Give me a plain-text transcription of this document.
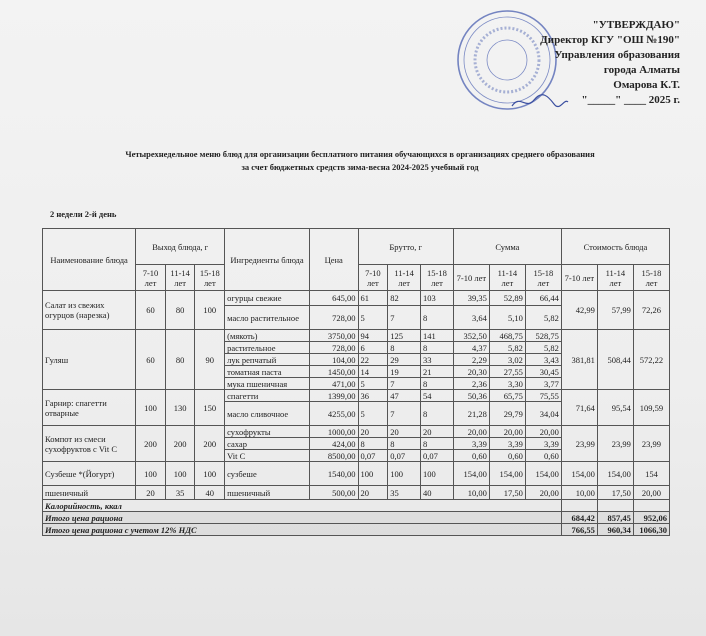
"УТВЕРЖДАЮ"
Директор КГУ "ОШ №190"
Управления образования
города Алматы
Омарова К.Т.
"_____" ____ 2025 г.
Четырехнедельное меню блюд для организации бесплатного питания обучающихся в организациях среднего образования
за счет бюджетных средств зима-весна 2024-2025 учебный год
2 недели 2-й день
Наименование блюда	Выход блюда, г			Ингредиенты блюда	Цена	Брутто, г			Сумма			Стоимость блюда		
	7-10 лет	11-14 лет	15-18 лет			7-10 лет	11-14 лет	15-18 лет	7-10 лет	11-14 лет	15-18 лет	7-10 лет	11-14 лет	15-18 лет
Салат из свежих огурцов (нарезка)	60	80	100	огурцы свежие	645,00	61	82	103	39,35	52,89	66,44	42,99	57,99	72,26
				масло растительное	728,00	5	7	8	3,64	5,10	5,82			
Гуляш	60	80	90	(мякоть)	3750,00	94	125	141	352,50	468,75	528,75	381,81	508,44	572,22
				растительное	728,00	6	8	8	4,37	5,82	5,82			
				лук репчатый	104,00	22	29	33	2,29	3,02	3,43			
				томатная паста	1450,00	14	19	21	20,30	27,55	30,45			
				мука пшеничная	471,00	5	7	8	2,36	3,30	3,77			
Гарнир: спагетти отварные	100	130	150	спагетти	1399,00	36	47	54	50,36	65,75	75,55	71,64	95,54	109,59
				масло сливочное	4255,00	5	7	8	21,28	29,79	34,04			
Компот из смеси сухофруктов с Vit C	200	200	200	сухофрукты	1000,00	20	20	20	20,00	20,00	20,00	23,99	23,99	23,99
				сахар	424,00	8	8	8	3,39	3,39	3,39			
				Vit C	8500,00	0,07	0,07	0,07	0,60	0,60	0,60			
Сузбеше *(Йогурт)	100	100	100	сузбеше	1540,00	100	100	100	154,00	154,00	154,00	154,00	154,00	154
пшеничный	20	35	40	пшеничный	500,00	20	35	40	10,00	17,50	20,00	10,00	17,50	20,00
Калорийность, ккал														
Итого цена рациона												684,42	857,45	952,06
Итого цена рациона с учетом 12% НДС												766,55	960,34	1066,30
